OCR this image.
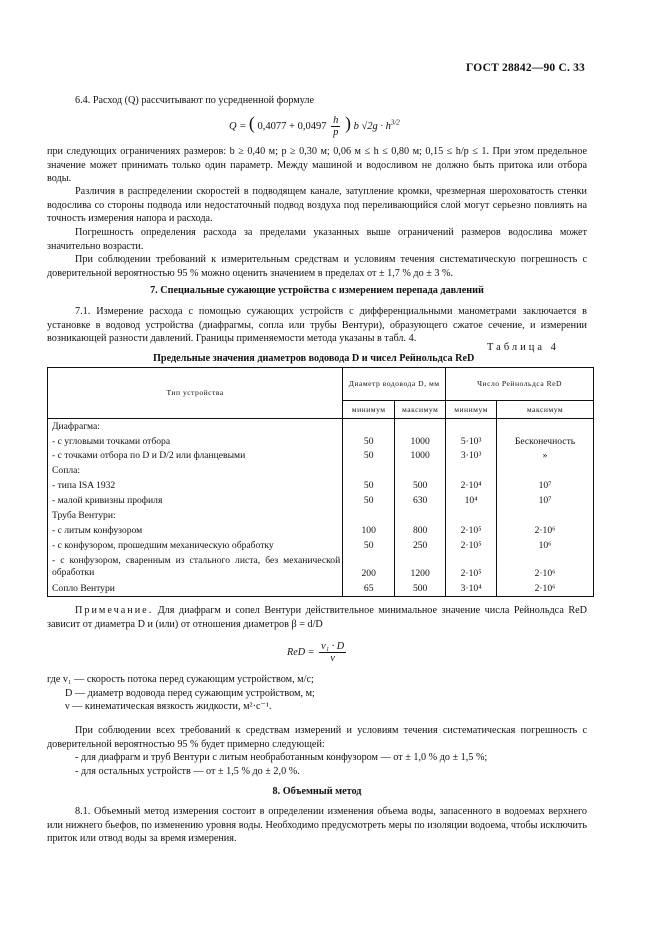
ГОСТ 28842—90 С. 33

6.4. Расход (Q) рассчитывают по усредненной формуле

Q = ( $0,4077 + 0,0497 \frac{h}{p}$ ) b $√2g \cdot h^{3/2}$

при следующих ограничениях размеров: b ≥ 0,40 м; p ≥ 0,30 м; 0,06 м ≤ h ≤ 0,80 м; 0,15 ≤ h/p ≤ 1. При этом предельное значение может принимать только один параметр. Между машиной и водосливом не должно быть притока или отбора воды.

Различия в распределении скоростей в подводящем канале, затупление кромки, чрезмерная шероховатость стенки водослива со стороны подвода или недостаточный подвод воздуха под переливающийся слой могут серьезно повлиять на точность измерения напора и расхода.

Погрешность определения расхода за пределами указанных выше ограничений размеров водослива может значительно возрасти.

При соблюдении требований к измерительным средствам и условиям течения систематическую погрешность с доверительной вероятностью 95 % можно оценить значением в пределах от ± 1,7 % до ± 3 %.

7. Специальные сужающие устройства с измерением перепада давлений

7.1. Измерение расхода с помощью сужающих устройств с дифференциальными манометрами заключается в установке в водовод устройства (диафрагмы, сопла или трубы Вентури), образующего сжатое сечение, и измерении возникающей разности давлений. Границы применяемости метода указаны в табл. 4.

Таблица 4
Предельные значения диаметров водовода D и чисел Рейнольдса ReD
Тип устройства	Диаметр водовода D, мм		Число Рейнольдса ReD	
	минимум	максимум	минимум	максимум
Диафрагма:				
- с угловыми точками отбора	50	1000	5·10³	Бесконечность
- с точками отбора по D и D/2 или фланцевыми	50	1000	3·10³	»
Сопла:				
- типа ISA 1932	50	500	2·10⁴	10⁷
- малой кривизны профиля	50	630	10⁴	10⁷
Труба Вентури:				
- с литым конфузором	100	800	2·10⁵	2·10⁶
- с конфузором, прошедшим механическую обработку	50	250	2·10⁵	10⁶
- с конфузором, сваренным из стального листа, без механической обработки	200	1200	2·10⁵	2·10⁶
Сопло Вентури	65	500	3·10⁴	2·10⁶

Примечание. Для диафрагм и сопел Вентури действительное минимальное значение числа Рейнольдса ReD зависит от диаметра D и (или) от отношения диаметров β = d/D

ReD = $\frac{\text{v₁ · D}}{\nu}$
где v₁ — скорость потока перед сужающим устройством, м/с;
D — диаметр водовода перед сужающим устройством, м;
ν — кинематическая вязкость жидкости, м²·с⁻¹.

При соблюдении всех требований к средствам измерений и условиям течения систематическая погрешность с доверительной вероятностью 95 % будет примерно следующей:

- для диафрагм и труб Вентури с литым необработанным конфузором — от ± 1,0 % до ± 1,5 %;
- для остальных устройств — от ± 1,5 % до ± 2,0 %.
8. Объемный метод

8.1. Объемный метод измерения состоит в определении изменения объема воды, запасенного в водоемах верхнего или нижнего бьефов, по изменению уровня воды. Необходимо предусмотреть меры по изоляции водоема, чтобы исключить приток или отвод воды за время измерения.
